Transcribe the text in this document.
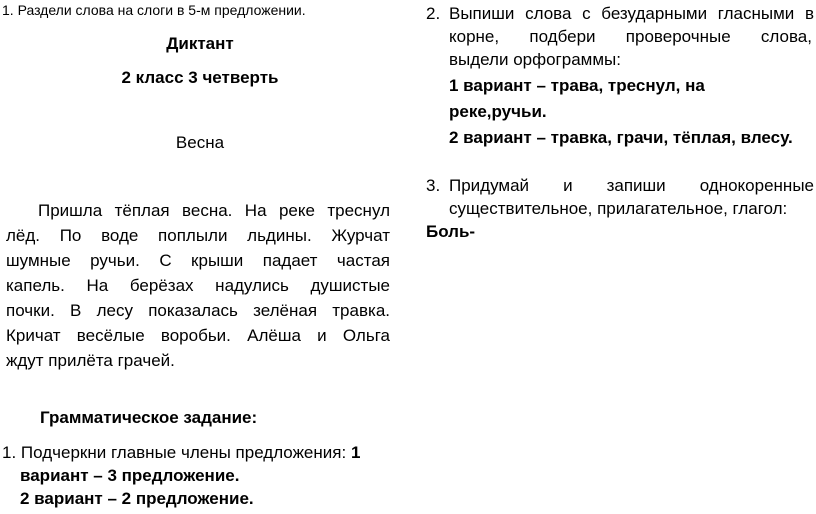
1. Раздели слова на слоги в 5-м предложении.
Диктант
2 класс 3 четверть
Весна
Пришла тёплая весна. На реке треснул
лёд. По воде поплыли льдины. Журчат
шумные ручьи. С крыши падает частая
капель. На берёзах надулись душистые
почки. В лесу показалась зелёная травка.
Кричат весёлые воробьи. Алёша и Ольга
ждут прилёта грачей.
Грамматическое задание:
1. Подчеркни главные члены предложения: 1
вариант – 3 предложение.
2 вариант – 2 предложение.
2. Выпиши слова с безударными гласными в
корне, подбери проверочные слова,
выдели орфограммы:
1 вариант – трава, треснул, на
реке,ручьи.
2 вариант – травка, грачи, тёплая, влесу.
3. Придумай и запиши однокоренные
существительное, прилагательное, глагол:
Боль-
